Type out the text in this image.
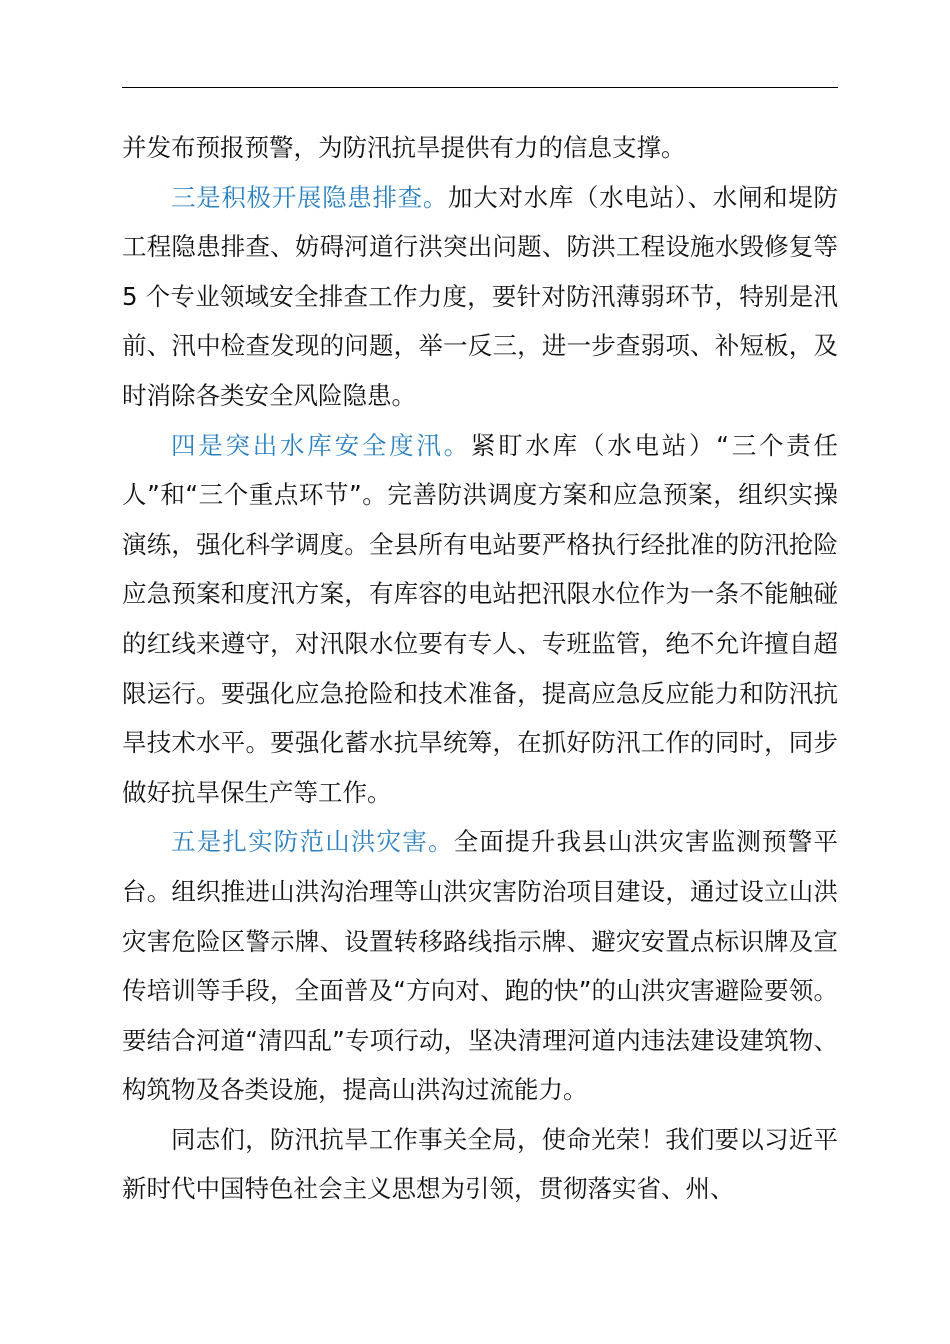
并发布预报预警，为防汛抗旱提供有力的信息支撑。

三是积极开展隐患排查。加大对水库（水电站）、水闸和堤防工程隐患排查、妨碍河道行洪突出问题、防洪工程设施水毁修复等 5 个专业领域安全排查工作力度，要针对防汛薄弱环节，特别是汛前、汛中检查发现的问题，举一反三，进一步查弱项、补短板，及时消除各类安全风险隐患。

四是突出水库安全度汛。紧盯水库（水电站）“三个责任人”和“三个重点环节”。完善防洪调度方案和应急预案，组织实操演练，强化科学调度。全县所有电站要严格执行经批准的防汛抢险应急预案和度汛方案，有库容的电站把汛限水位作为一条不能触碰的红线来遵守，对汛限水位要有专人、专班监管，绝不允许擅自超限运行。要强化应急抢险和技术准备，提高应急反应能力和防汛抗旱技术水平。要强化蓄水抗旱统筹，在抓好防汛工作的同时，同步做好抗旱保生产等工作。

五是扎实防范山洪灾害。全面提升我县山洪灾害监测预警平台。组织推进山洪沟治理等山洪灾害防治项目建设，通过设立山洪灾害危险区警示牌、设置转移路线指示牌、避灾安置点标识牌及宣传培训等手段，全面普及“方向对、跑的快”的山洪灾害避险要领。要结合河道“清四乱”专项行动，坚决清理河道内违法建设建筑物、构筑物及各类设施，提高山洪沟过流能力。

同志们，防汛抗旱工作事关全局，使命光荣！我们要以习近平新时代中国特色社会主义思想为引领，贯彻落实省、州、
